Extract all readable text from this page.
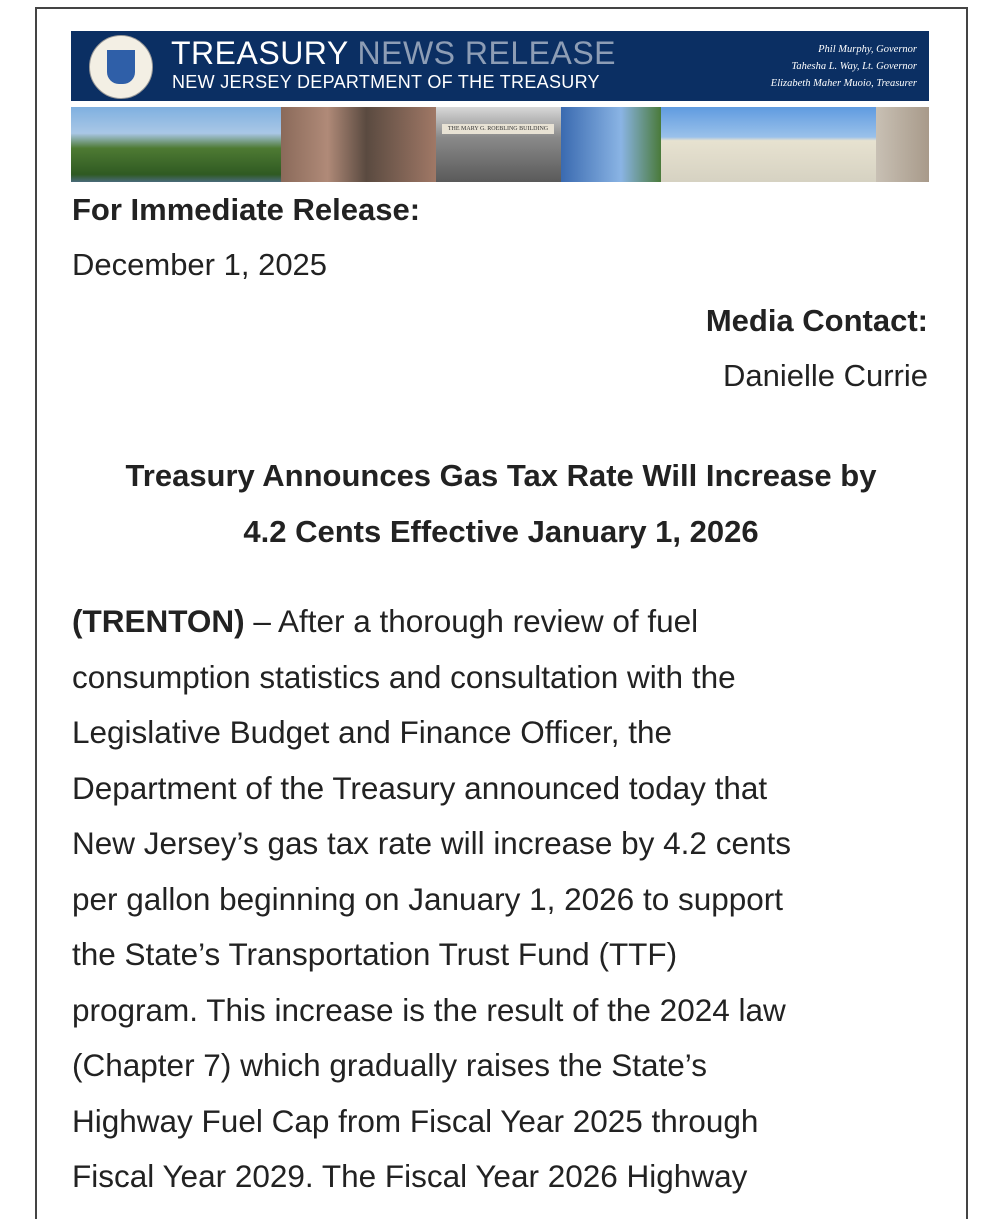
TREASURY NEWS RELEASE
NEW JERSEY DEPARTMENT OF THE TREASURY
Phil Murphy, Governor
Tahesha L. Way, Lt. Governor
Elizabeth Maher Muoio, Treasurer
THE MARY G. ROEBLING BUILDING
For Immediate Release:
December 1, 2025
Media Contact:
Danielle Currie
Treasury Announces Gas Tax Rate Will Increase by
4.2 Cents Effective January 1, 2026
(TRENTON) – After a thorough review of fuel
consumption statistics and consultation with the
Legislative Budget and Finance Officer, the
Department of the Treasury announced today that
New Jersey’s gas tax rate will increase by 4.2 cents
per gallon beginning on January 1, 2026 to support
the State’s Transportation Trust Fund (TTF)
program. This increase is the result of the 2024 law
(Chapter 7) which gradually raises the State’s
Highway Fuel Cap from Fiscal Year 2025 through
Fiscal Year 2029. The Fiscal Year 2026 Highway
